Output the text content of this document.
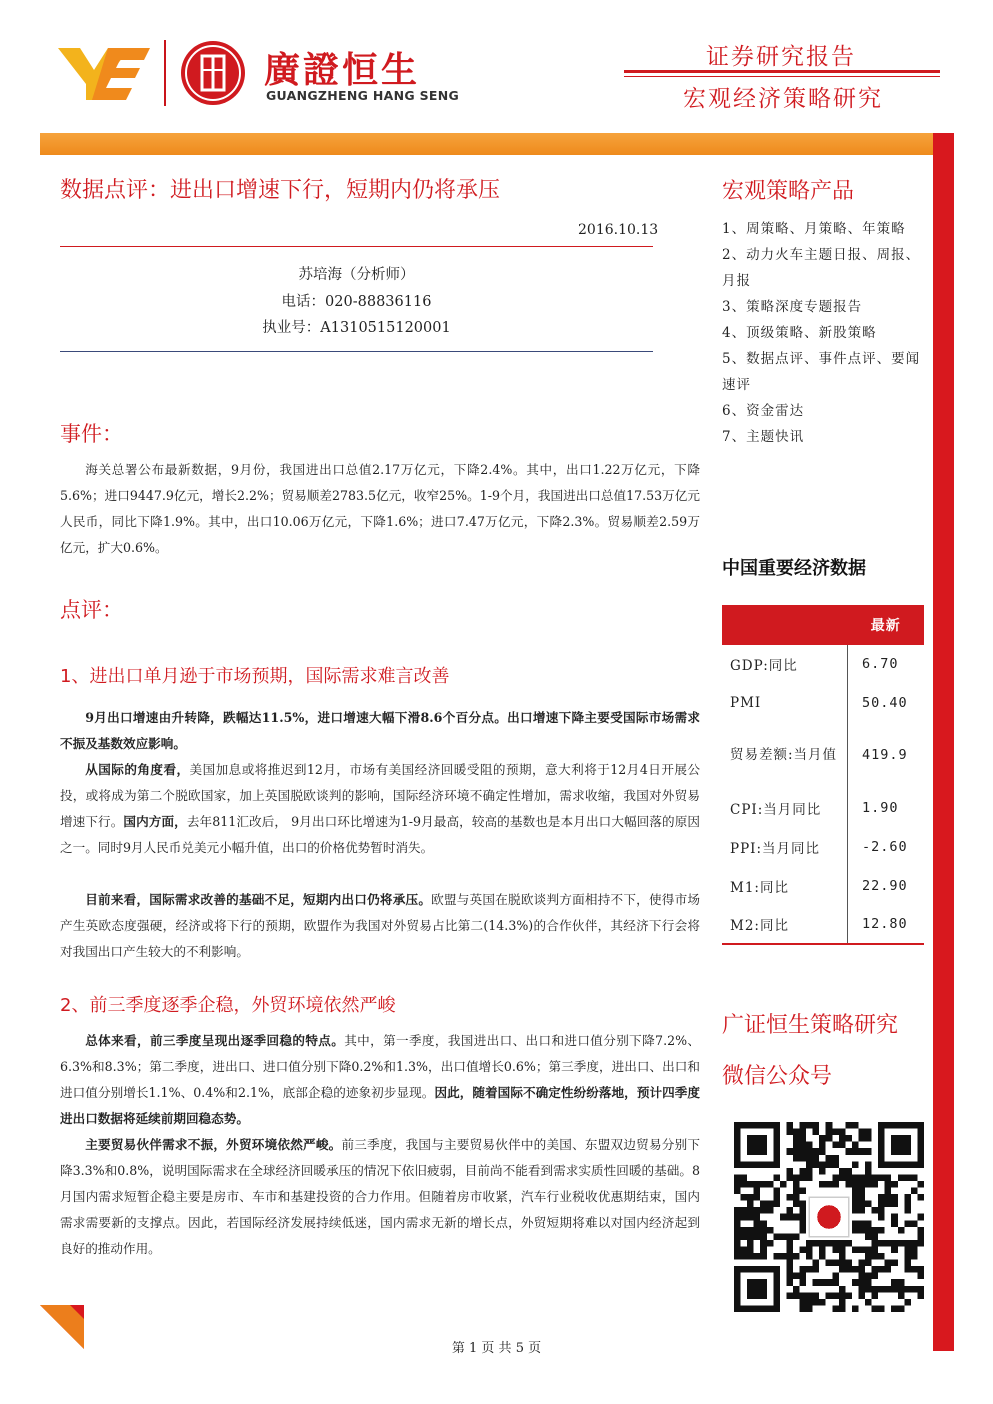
廣證恒生
GUANGZHENG HANG SENG
证券研究报告
宏观经济策略研究
数据点评：进出口增速下行，短期内仍将承压
2016.10.13
苏培海（分析师）
电话：020-88836116
执业号：A1310515120001
事件：

海关总署公布最新数据，9月份，我国进出口总值2.17万亿元，下降2.4%。其中，出口1.22万亿元，下降5.6%；进口9447.9亿元，增长2.2%；贸易顺差2783.5亿元，收窄25%。1-9个月，我国进出口总值17.53万亿元人民币，同比下降1.9%。其中，出口10.06万亿元，下降1.6%；进口7.47万亿元，下降2.3%。贸易顺差2.59万亿元，扩大0.6%。

点评：
1、进出口单月逊于市场预期，国际需求难言改善

9月出口增速由升转降，跌幅达11.5%，进口增速大幅下滑8.6个百分点。出口增速下降主要受国际市场需求不振及基数效应影响。

从国际的角度看，美国加息或将推迟到12月，市场有美国经济回暖受阻的预期，意大利将于12月4日开展公投，或将成为第二个脱欧国家，加上英国脱欧谈判的影响，国际经济环境不确定性增加，需求收缩，我国对外贸易增速下行。国内方面，去年811汇改后， 9月出口环比增速为1-9月最高，较高的基数也是本月出口大幅回落的原因之一。同时9月人民币兑美元小幅升值，出口的价格优势暂时消失。

目前来看，国际需求改善的基础不足，短期内出口仍将承压。欧盟与英国在脱欧谈判方面相持不下，使得市场产生英欧态度强硬，经济或将下行的预期，欧盟作为我国对外贸易占比第二(14.3%)的合作伙伴，其经济下行会将对我国出口产生较大的不利影响。

2、前三季度逐季企稳，外贸环境依然严峻

总体来看，前三季度呈现出逐季回稳的特点。其中，第一季度，我国进出口、出口和进口值分别下降7.2%、6.3%和8.3%；第二季度，进出口、进口值分别下降0.2%和1.3%，出口值增长0.6%；第三季度，进出口、出口和进口值分别增长1.1%、0.4%和2.1%，底部企稳的迹象初步显现。因此，随着国际不确定性纷纷落地，预计四季度进出口数据将延续前期回稳态势。

主要贸易伙伴需求不振，外贸环境依然严峻。前三季度，我国与主要贸易伙伴中的美国、东盟双边贸易分别下降3.3%和0.8%，说明国际需求在全球经济回暖承压的情况下依旧疲弱，目前尚不能看到需求实质性回暖的基础。8月国内需求短暂企稳主要是房市、车市和基建投资的合力作用。但随着房市收紧，汽车行业税收优惠期结束，国内需求需要新的支撑点。因此，若国际经济发展持续低迷，国内需求无新的增长点，外贸短期将难以对国内经济起到良好的推动作用。

宏观策略产品
1、周策略、月策略、年策略
2、动力火车主题日报、周报、月报
3、策略深度专题报告
4、顶级策略、新股策略
5、数据点评、事件点评、要闻速评
6、资金雷达
7、主题快讯
中国重要经济数据
	最新
GDP:同比	6.70
PMI	50.40
贸易差额:当月值	419.9
CPI:当月同比	1.90
PPI:当月同比	-2.60
M1:同比	22.90
M2:同比	12.80
广证恒生策略研究
微信公众号
第 1 页 共 5 页
